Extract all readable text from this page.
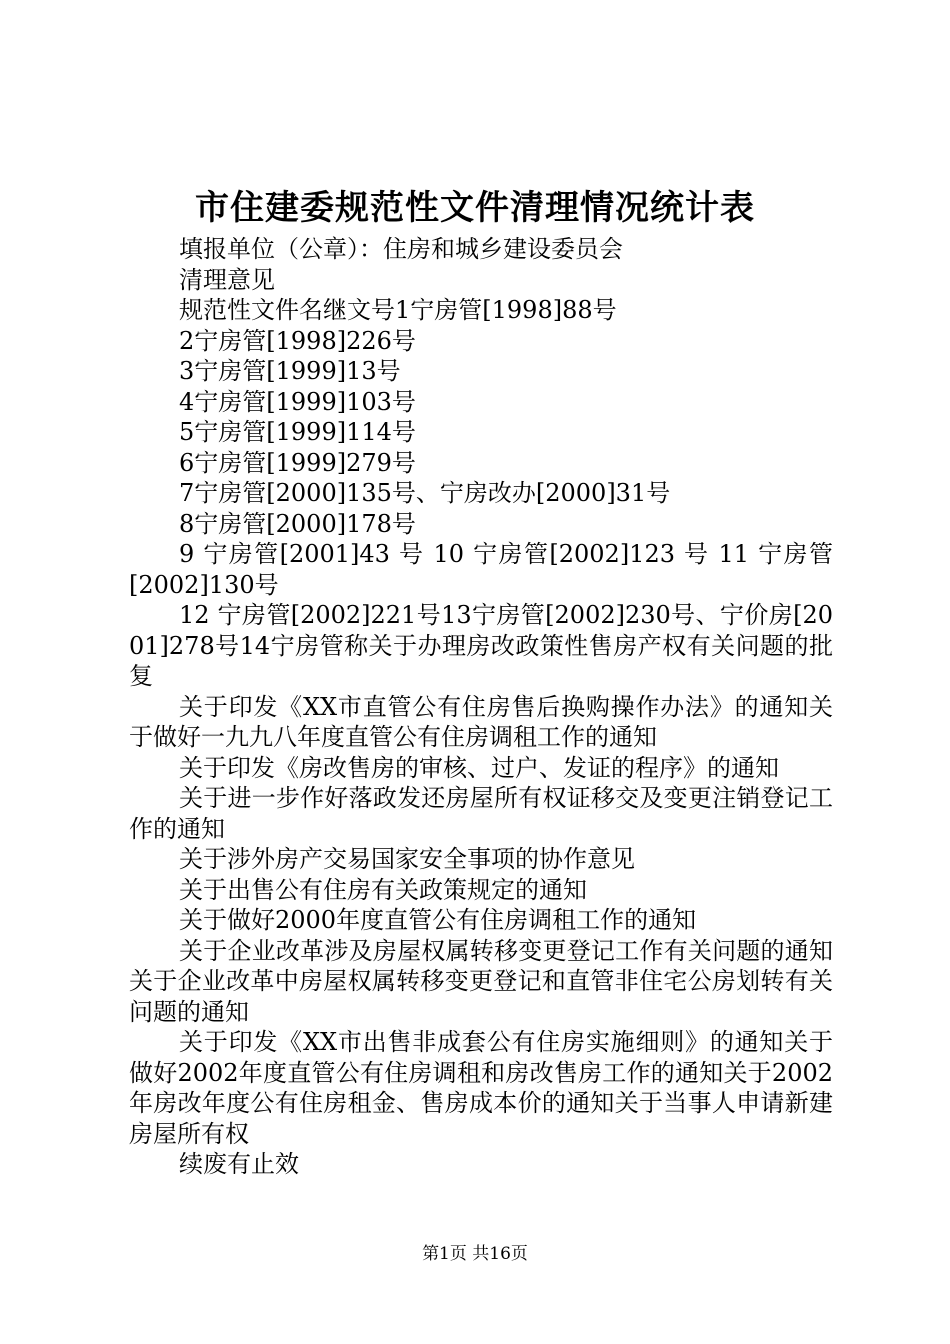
市住建委规范性文件清理情况统计表

填报单位（公章）：住房和城乡建设委员会

清理意见

规范性文件名继文号1宁房管[1998]88号

2宁房管[1998]226号

3宁房管[1999]13号

4宁房管[1999]103号

5宁房管[1999]114号

6宁房管[1999]279号

7宁房管[2000]135号、宁房改办[2000]31号

8宁房管[2000]178号

9 宁房管[2001]43 号 10 宁房管[2002]123 号 11 宁房管[2002]130号

12 宁房管[2002]221号13宁房管[2002]230号、宁价房[2001]278号14宁房管称关于办理房改政策性售房产权有关问题的批复

关于印发《XX市直管公有住房售后换购操作办法》的通知关于做好一九九八年度直管公有住房调租工作的通知

关于印发《房改售房的审核、过户、发证的程序》的通知

关于进一步作好落政发还房屋所有权证移交及变更注销登记工作的通知

关于涉外房产交易国家安全事项的协作意见

关于出售公有住房有关政策规定的通知

关于做好2000年度直管公有住房调租工作的通知

关于企业改革涉及房屋权属转移变更登记工作有关问题的通知关于企业改革中房屋权属转移变更登记和直管非住宅公房划转有关问题的通知

关于印发《XX市出售非成套公有住房实施细则》的通知关于做好2002年度直管公有住房调租和房改售房工作的通知关于2002年房改年度公有住房租金、售房成本价的通知关于当事人申请新建房屋所有权

续废有止效

第1页 共16页
